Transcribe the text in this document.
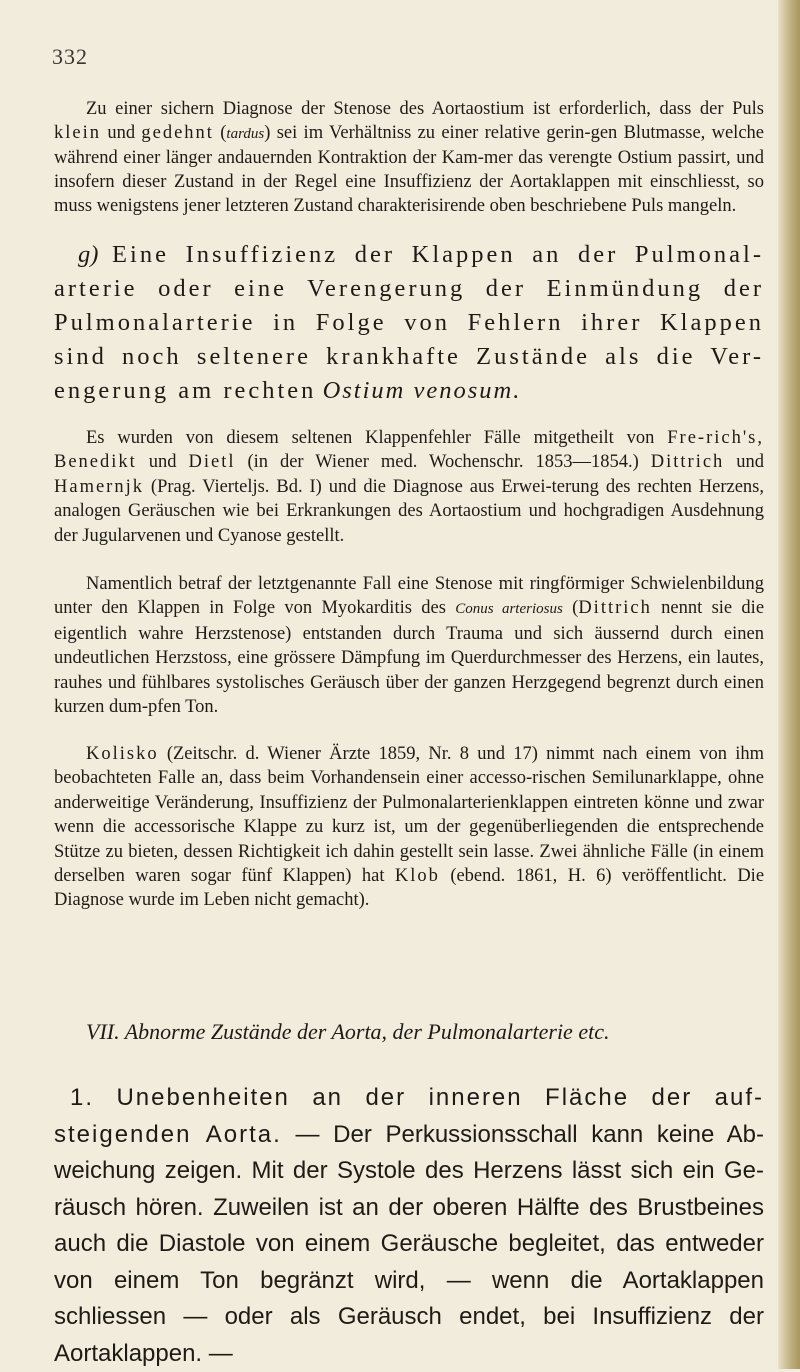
332

Zu einer sichern Diagnose der Stenose des Aortaostium ist erforderlich, dass der Puls klein und gedehnt (tardus) sei im Verhältniss zu einer relative gerin-gen Blutmasse, welche während einer länger andauernden Kontraktion der Kam-mer das verengte Ostium passirt, und insofern dieser Zustand in der Regel eine Insuffizienz der Aortaklappen mit einschliesst, so muss wenigstens jener letzteren Zustand charakterisirende oben beschriebene Puls mangeln.

g) Eine Insuffizienz der Klappen an der Pulmonal-arterie oder eine Verengerung der Einmündung der Pulmonalarterie in Folge von Fehlern ihrer Klappen sind noch seltenere krankhafte Zustände als die Ver-engerung am rechten Ostium venosum.

Es wurden von diesem seltenen Klappenfehler Fälle mitgetheilt von Fre-rich's, Benedikt und Dietl (in der Wiener med. Wochenschr. 1853—1854.) Dittrich und Hamernjk (Prag. Viertelјs. Bd. I) und die Diagnose aus Erwei-terung des rechten Herzens, analogen Geräuschen wie bei Erkrankungen des Aortaostium und hochgradigen Ausdehnung der Jugularvenen und Cyanose gestellt.

Namentlich betraf der letztgenannte Fall eine Stenose mit ringförmiger Schwielenbildung unter den Klappen in Folge von Myokarditis des Conus arteriosus (Dittrich nennt sie die eigentlich wahre Herzstenose) entstanden durch Trauma und sich äussernd durch einen undeutlichen Herzstoss, eine grössere Dämpfung im Querdurchmesser des Herzens, ein lautes, rauhes und fühlbares systolisches Geräusch über der ganzen Herzgegend begrenzt durch einen kurzen dum-pfen Ton.

Kolisko (Zeitschr. d. Wiener Ärzte 1859, Nr. 8 und 17) nimmt nach einem von ihm beobachteten Falle an, dass beim Vorhandensein einer accesso-rischen Semilunarklappe, ohne anderweitige Veränderung, Insuffizienz der Pulmonalarterienklappen eintreten könne und zwar wenn die accessorische Klappe zu kurz ist, um der gegenüberliegenden die entsprechende Stütze zu bieten, dessen Richtigkeit ich dahin gestellt sein lasse. Zwei ähnliche Fälle (in einem derselben waren sogar fünf Klappen) hat Klob (ebend. 1861, H. 6) veröffentlicht. Die Diagnose wurde im Leben nicht gemacht).

VII. Abnorme Zustände der Aorta, der Pulmonalarterie etc.

1. Unebenheiten an der inneren Fläche der auf-steigenden Aorta. — Der Perkussionsschall kann keine Ab-weichung zeigen. Mit der Systole des Herzens lässt sich ein Ge-räusch hören. Zuweilen ist an der oberen Hälfte des Brustbeines auch die Diastole von einem Geräusche begleitet, das entweder von einem Ton begränzt wird, — wenn die Aortaklappen schliessen — oder als Geräusch endet, bei Insuffizienz der Aortaklappen. —
